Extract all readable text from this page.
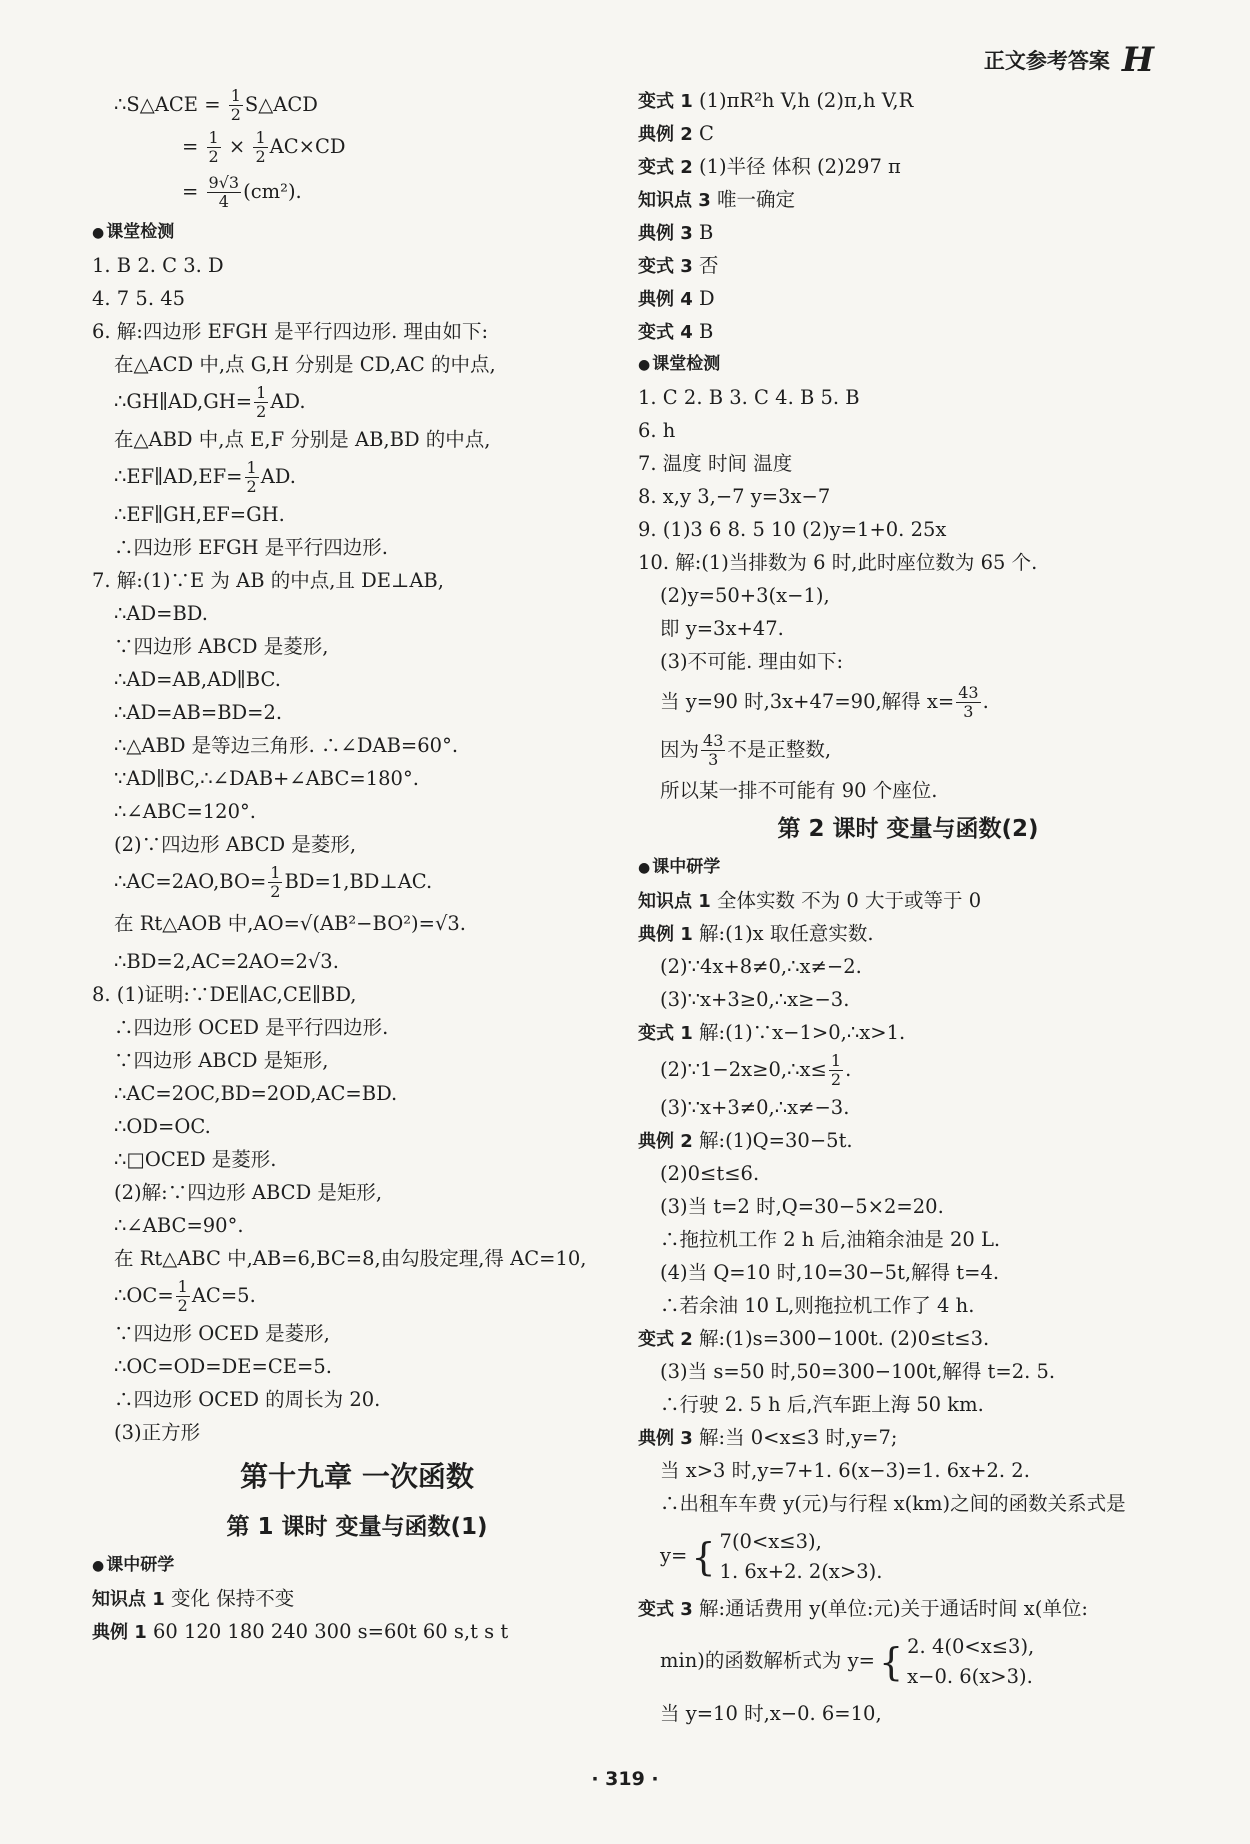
正文参考答案 H
∴S△ACE = $\frac{1}{2}$ S△ACD
= $\frac{1}{2} \times \frac{1}{2} AC\times CD$
= $\frac{9√3}{4} (cm^2)$.
● 课堂检测
1. B 2. C 3. D
4. 7 5. 45
6. 解:四边形 EFGH 是平行四边形. 理由如下:
在△ACD 中,点 G,H 分别是 CD,AC 的中点,
∴GH∥AD,GH= $\frac{1}{2}$ AD.
在△ABD 中,点 E,F 分别是 AB,BD 的中点,
∴EF∥AD,EF= $\frac{1}{2}$ AD.
∴EF∥GH,EF=GH.
∴四边形 EFGH 是平行四边形.
7. 解:(1)∵E 为 AB 的中点,且 DE⊥AB,
∴AD=BD.
∵四边形 ABCD 是菱形,
∴AD=AB,AD∥BC.
∴AD=AB=BD=2.
∴△ABD 是等边三角形. ∴∠DAB=60°.
∵AD∥BC,∴∠DAB+∠ABC=180°.
∴∠ABC=120°.
(2)∵四边形 ABCD 是菱形,
∴AC=2AO,BO= $\frac{1}{2}$ BD=1,BD⊥AC.
在 Rt△AOB 中,AO=√(AB²−BO²)=√3.
∴BD=2,AC=2AO=2√3.
8. (1)证明:∵DE∥AC,CE∥BD,
∴四边形 OCED 是平行四边形.
∵四边形 ABCD 是矩形,
∴AC=2OC,BD=2OD,AC=BD.
∴OD=OC.
∴□OCED 是菱形.
(2)解:∵四边形 ABCD 是矩形,
∴∠ABC=90°.
在 Rt△ABC 中,AB=6,BC=8,由勾股定理,得 AC=10,
∴OC= $\frac{1}{2} AC=5$.
∵四边形 OCED 是菱形,
∴OC=OD=DE=CE=5.
∴四边形 OCED 的周长为 20.
(3)正方形
第十九章 一次函数
第 1 课时 变量与函数(1)
● 课中研学
知识点 1 变化 保持不变
典例 1 60 120 180 240 300 s=60t 60 s,t s t
变式 1 (1)πR²h V,h (2)π,h V,R
典例 2 C
变式 2 (1)半径 体积 (2)297 π
知识点 3 唯一确定
典例 3 B
变式 3 否
典例 4 D
变式 4 B
● 课堂检测
1. C 2. B 3. C 4. B 5. B
6. h
7. 温度 时间 温度
8. x,y 3,−7 y=3x−7
9. (1)3 6 8. 5 10 (2)y=1+0. 25x
10. 解:(1)当排数为 6 时,此时座位数为 65 个.
(2)y=50+3(x−1),
即 y=3x+47.
(3)不可能. 理由如下:
当 y=90 时,3x+47=90,解得 $x= \frac{43}{3}$ .
因为 $\frac{43}{3}$ 不是正整数,
所以某一排不可能有 90 个座位.
第 2 课时 变量与函数(2)
● 课中研学
知识点 1 全体实数 不为 0 大于或等于 0
典例 1 解:(1)x 取任意实数.
(2)∵4x+8≠0,∴x≠−2.
(3)∵x+3≥0,∴x≥−3.
变式 1 解:(1)∵x−1>0,∴x>1.
(2)∵1−2x≥0,∴x≤ $\frac{1}{2}$ .
(3)∵x+3≠0,∴x≠−3.
典例 2 解:(1)Q=30−5t.
(2)0≤t≤6.
(3)当 t=2 时,Q=30−5×2=20.
∴拖拉机工作 2 h 后,油箱余油是 20 L.
(4)当 Q=10 时,10=30−5t,解得 t=4.
∴若余油 10 L,则拖拉机工作了 4 h.
变式 2 解:(1)s=300−100t. (2)0≤t≤3.
(3)当 s=50 时,50=300−100t,解得 t=2. 5.
∴行驶 2. 5 h 后,汽车距上海 50 km.
典例 3 解:当 0<x≤3 时,y=7;
当 x>3 时,y=7+1. 6(x−3)=1. 6x+2. 2.
∴出租车车费 y(元)与行程 x(km)之间的函数关系式是
y= { 7(0<x≤3),
1. 6x+2. 2(x>3).
变式 3 解:通话费用 y(单位:元)关于通话时间 x(单位:
min)的函数解析式为 y= { 2. 4(0<x≤3),
x−0. 6(x>3).
当 y=10 时,x−0. 6=10,
· 319 ·
